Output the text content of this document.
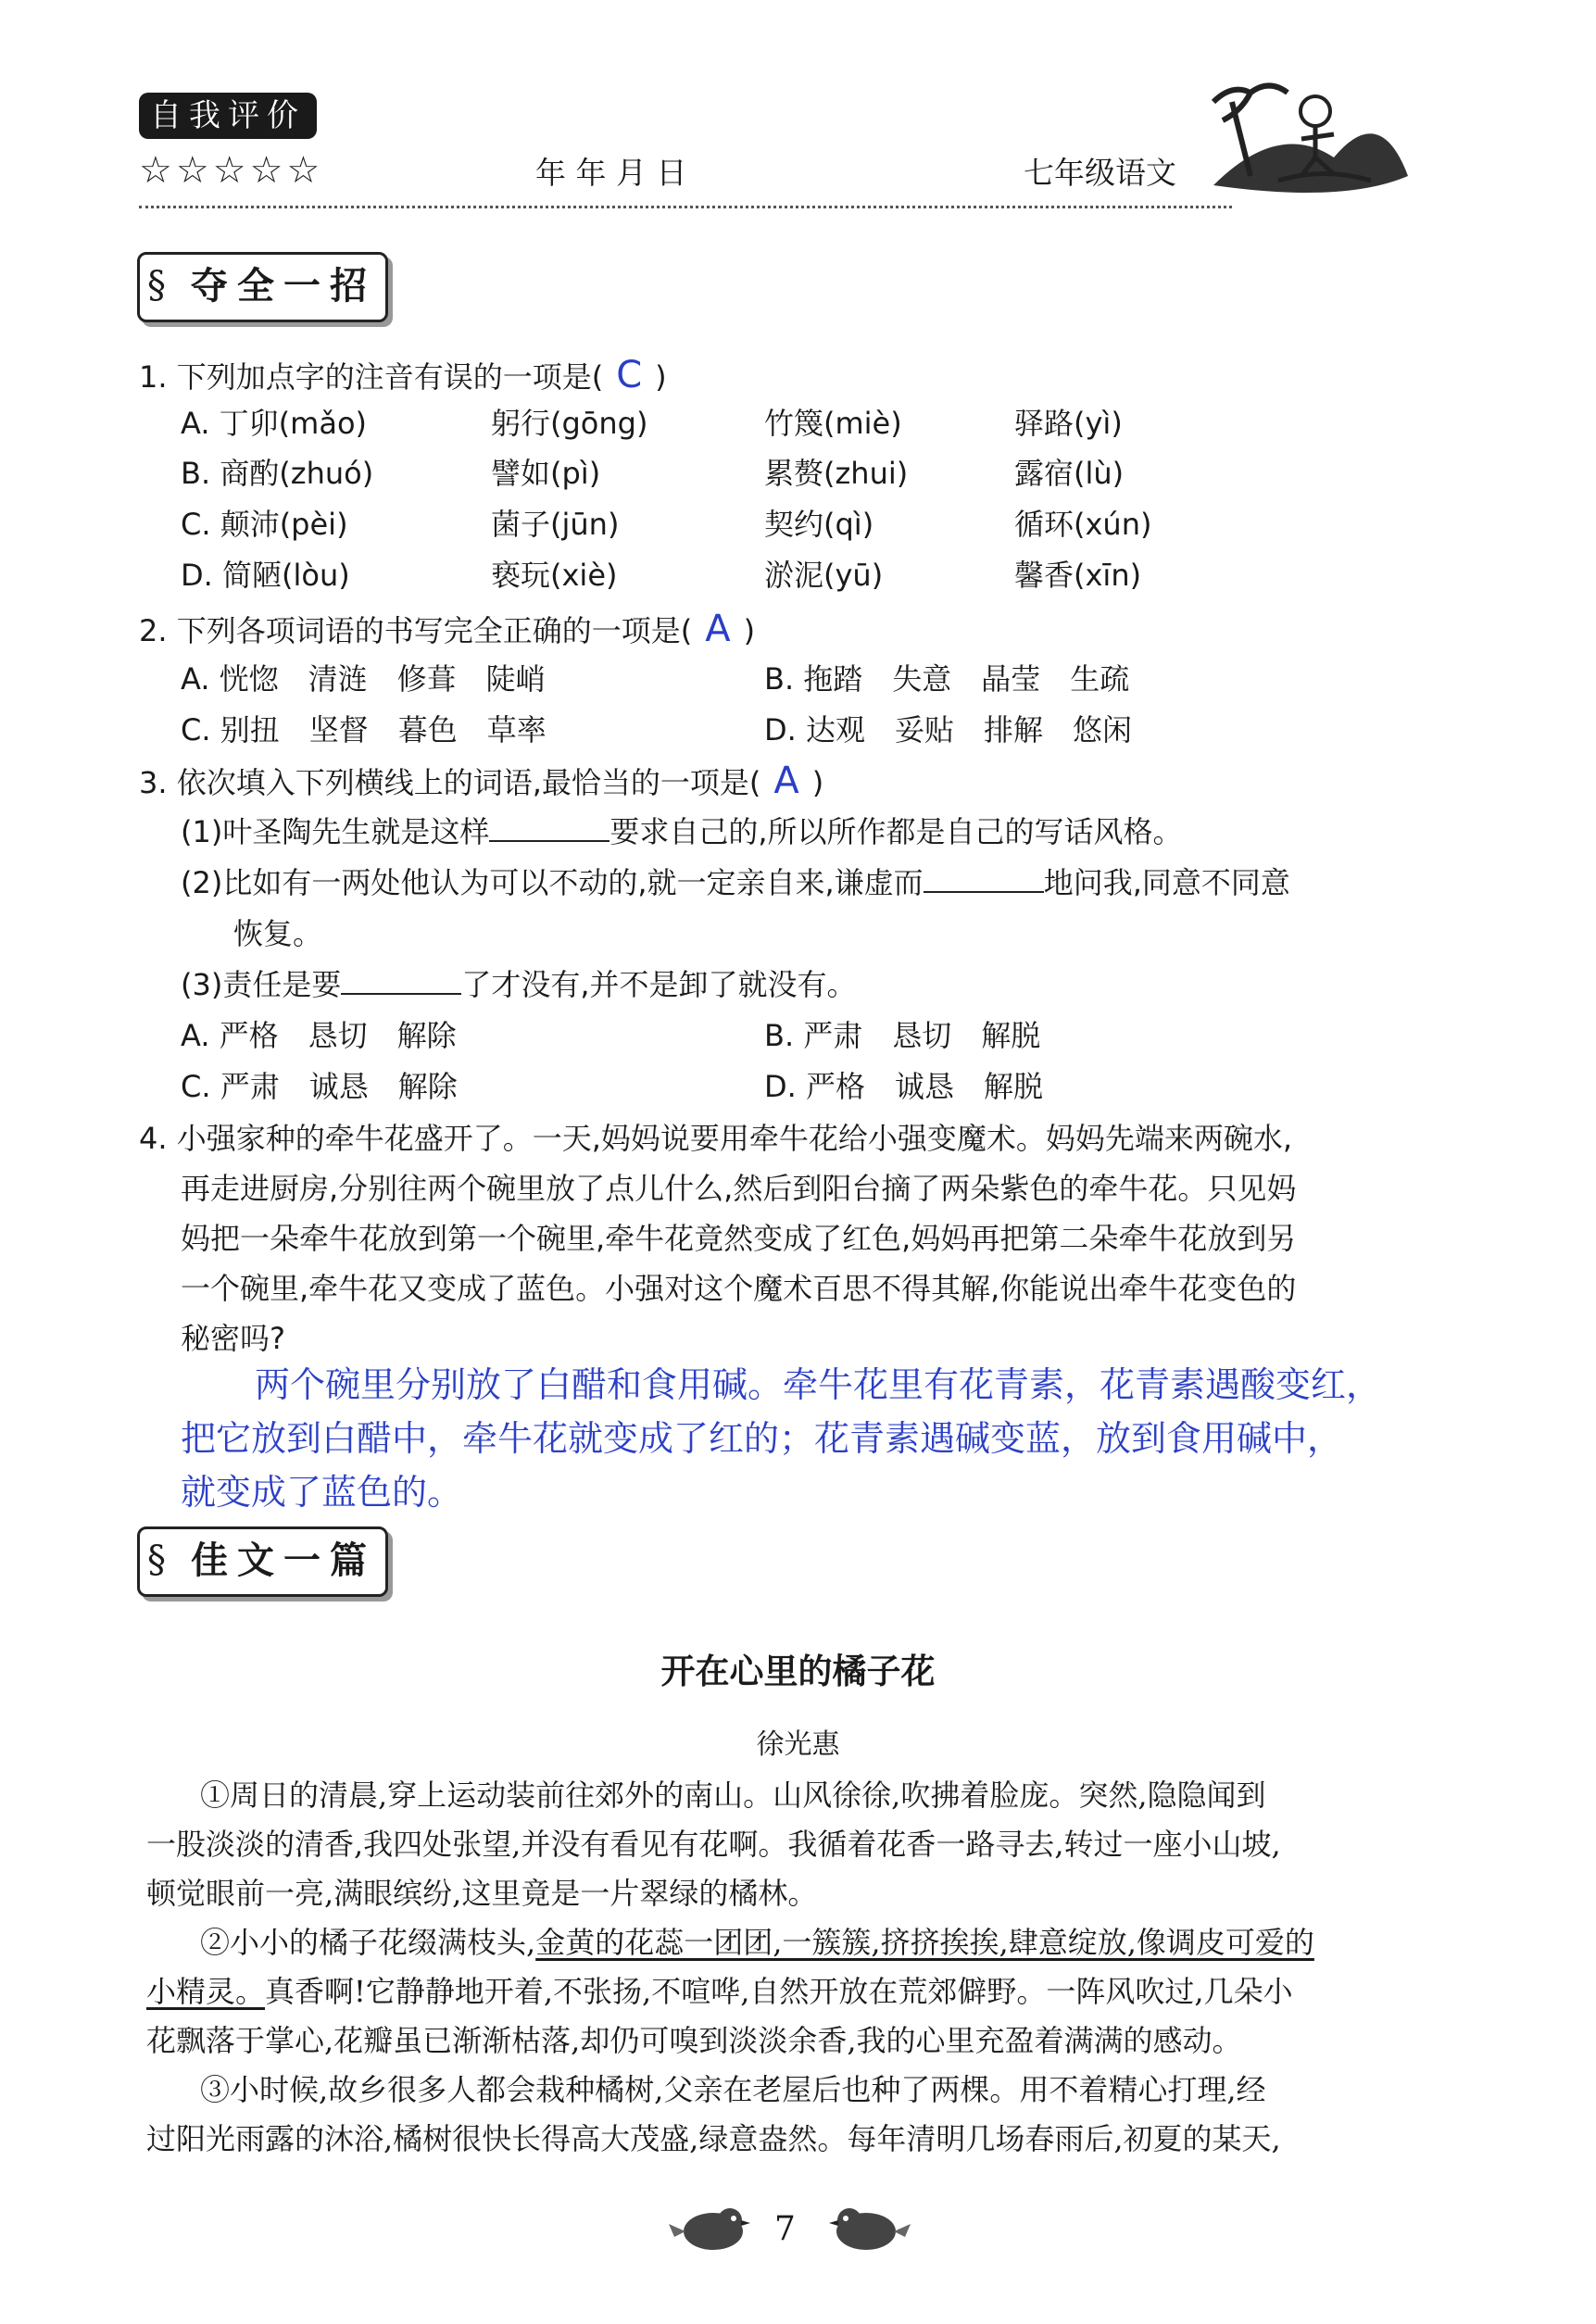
自我评价
☆☆☆☆☆	年 年 月 日	七年级语文
§ 夺全一招
1. 下列加点字的注音有误的一项是( C )
A. 丁卯(mǎo)	躬行(gōng)	竹篾(miè)	驿路(yì)
B. 商酌(zhuó)	譬如(pì)	累赘(zhui)	露宿(lù)
C. 颠沛(pèi)	菌子(jūn)	契约(qì)	循环(xún)
D. 简陋(lòu)	亵玩(xiè)	淤泥(yū)	馨香(xīn)
2. 下列各项词语的书写完全正确的一项是( A )
A. 恍惚　清涟　修葺　陡峭	B. 拖踏　失意　晶莹　生疏
C. 别扭　坚督　暮色　草率	D. 达观　妥贴　排解　悠闲
3. 依次填入下列横线上的词语,最恰当的一项是( A )
(1)叶圣陶先生就是这样	要求自己的,所以所作都是自己的写话风格。
(2)比如有一两处他认为可以不动的,就一定亲自来,谦虚而	地问我,同意不同意
恢复。
(3)责任是要	了才没有,并不是卸了就没有。
A. 严格　恳切　解除	B. 严肃　恳切　解脱
C. 严肃　诚恳　解除	D. 严格　诚恳　解脱
4. 小强家种的牵牛花盛开了。一天,妈妈说要用牵牛花给小强变魔术。妈妈先端来两碗水,
再走进厨房,分别往两个碗里放了点儿什么,然后到阳台摘了两朵紫色的牵牛花。只见妈
妈把一朵牵牛花放到第一个碗里,牵牛花竟然变成了红色,妈妈再把第二朵牵牛花放到另
一个碗里,牵牛花又变成了蓝色。小强对这个魔术百思不得其解,你能说出牵牛花变色的
秘密吗?
两个碗里分别放了白醋和食用碱。牵牛花里有花青素，花青素遇酸变红，
把它放到白醋中，牵牛花就变成了红的；花青素遇碱变蓝，放到食用碱中，
就变成了蓝色的。
§ 佳文一篇
开在心里的橘子花
徐光惠
①周日的清晨,穿上运动装前往郊外的南山。山风徐徐,吹拂着脸庞。突然,隐隐闻到
一股淡淡的清香,我四处张望,并没有看见有花啊。我循着花香一路寻去,转过一座小山坡,
顿觉眼前一亮,满眼缤纷,这里竟是一片翠绿的橘林。
②小小的橘子花缀满枝头,金黄的花蕊一团团,一簇簇,挤挤挨挨,肆意绽放,像调皮可爱的
小精灵。真香啊!它静静地开着,不张扬,不喧哗,自然开放在荒郊僻野。一阵风吹过,几朵小
花飘落于掌心,花瓣虽已渐渐枯落,却仍可嗅到淡淡余香,我的心里充盈着满满的感动。
③小时候,故乡很多人都会栽种橘树,父亲在老屋后也种了两棵。用不着精心打理,经
过阳光雨露的沐浴,橘树很快长得高大茂盛,绿意盎然。每年清明几场春雨后,初夏的某天,
7
